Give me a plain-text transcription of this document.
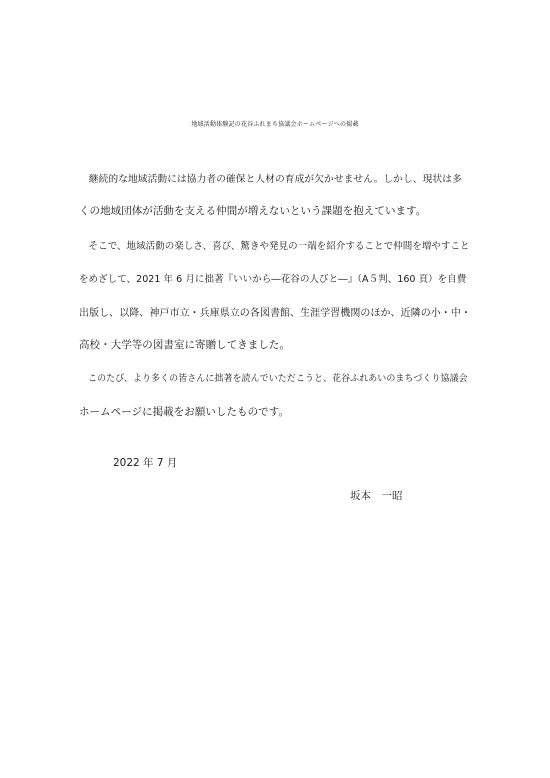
地域活動体験記の花谷ふれまち協議会ホームページへの掲載
　継続的な地域活動には協力者の確保と人材の育成が欠かせません。しかし、現状は多
くの地域団体が活動を支える仲間が増えないという課題を抱えています。
　そこで、地域活動の楽しさ、喜び、驚きや発見の一端を紹介することで仲間を増やすこと
をめざして、2021 年 6 月に拙著『いいから―花谷の人びと―』（A５判、160 頁）を自費
出版し、以降、神戸市立・兵庫県立の各図書館、生涯学習機関のほか、近隣の小・中・
高校・大学等の図書室に寄贈してきました。
　このたび、より多くの皆さんに拙著を読んでいただこうと、花谷ふれあいのまちづくり協議会
ホームページに掲載をお願いしたものです。
2022 年 7 月
坂本　一昭
